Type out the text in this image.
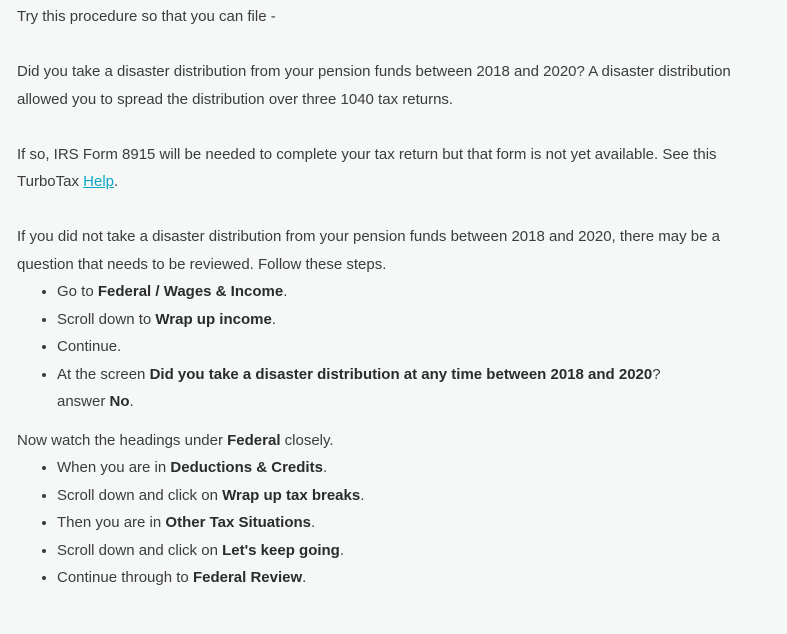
Try this procedure so that you can file -

Did you take a disaster distribution from your pension funds between 2018 and 2020? A disaster distribution allowed you to spread the distribution over three 1040 tax returns.

If so, IRS Form 8915 will be needed to complete your tax return but that form is not yet available. See this TurboTax Help.

If you did not take a disaster distribution from your pension funds between 2018 and 2020, there may be a question that needs to be reviewed. Follow these steps.

• Go to Federal / Wages & Income.
• Scroll down to Wrap up income.
• Continue.
• At the screen Did you take a disaster distribution at any time between 2018 and 2020?
answer No.

Now watch the headings under Federal closely.

• When you are in Deductions & Credits.
• Scroll down and click on Wrap up tax breaks.
• Then you are in Other Tax Situations.
• Scroll down and click on Let's keep going.
• Continue through to Federal Review.
